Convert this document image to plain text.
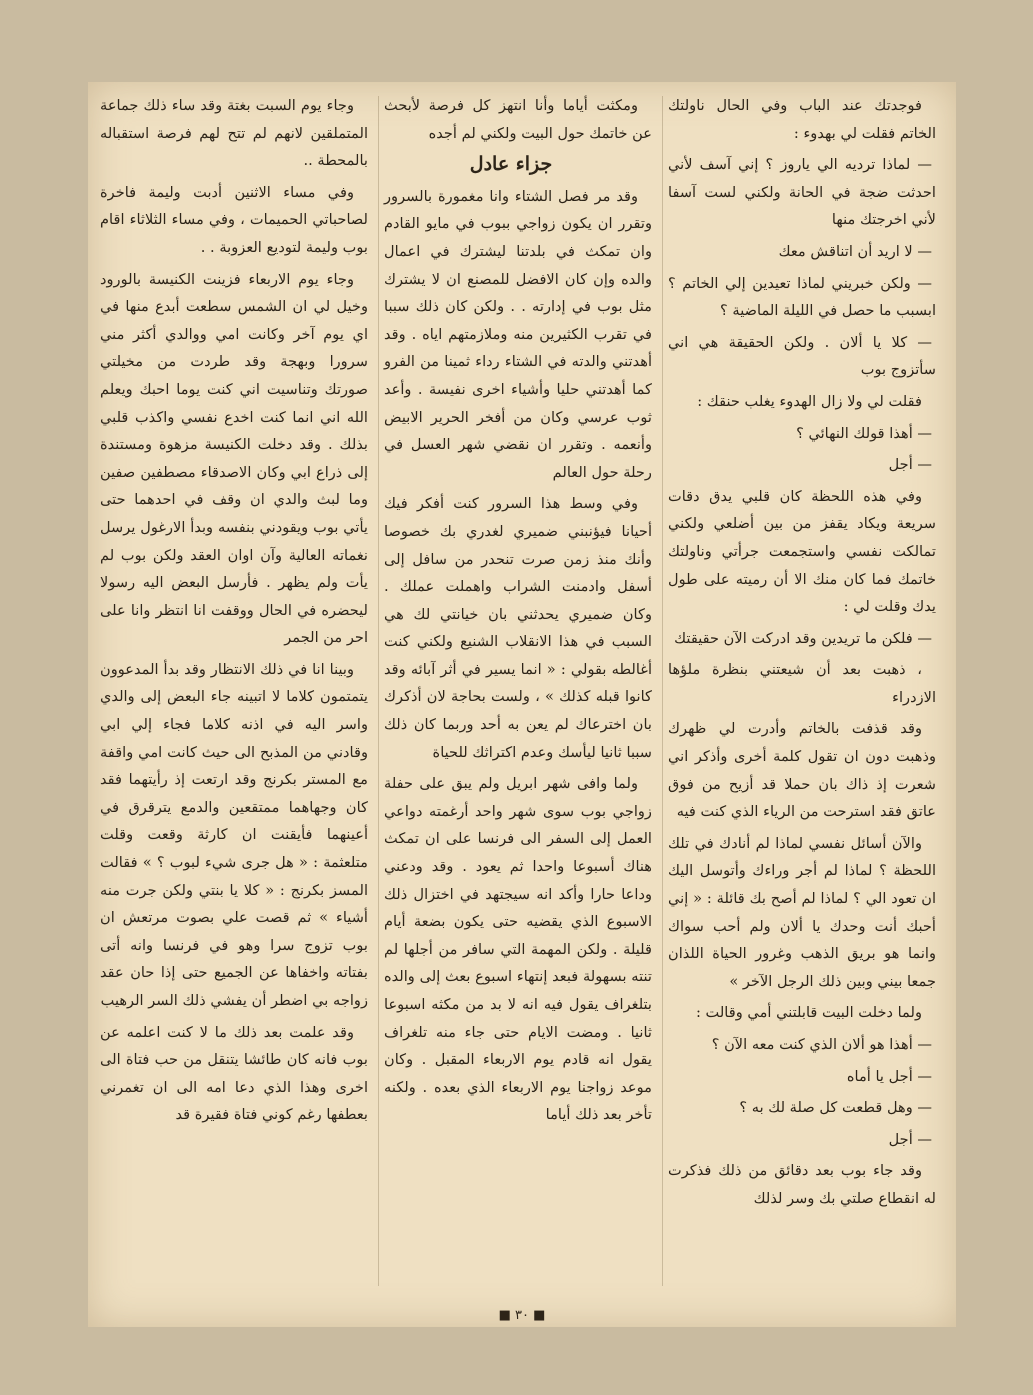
فوجدتك عند الباب وفي الحال ناولتك الخاتم فقلت لي بهدوء :

— لماذا ترديه الي ياروز ؟ إني آسف لأني احدثت ضجة في الحانة ولكني لست آسفا لأني اخرجتك منها

— لا اريد أن اتناقش معك

— ولكن خبريني لماذا تعيدين إلي الخاتم ؟ ابسبب ما حصل في الليلة الماضية ؟

— كلا يا ألان . ولكن الحقيقة هي اني سأتزوج بوب

فقلت لي ولا زال الهدوء يغلب حنقك :

— أهذا قولك النهائي ؟

— أجل

وفي هذه اللحظة كان قلبي يدق دقات سريعة ويكاد يقفز من بين أضلعي ولكني تمالكت نفسي واستجمعت جرأتي وناولتك خاتمك فما كان منك الا أن رميته على طول يدك وقلت لي :

— فلكن ما تريدين وقد ادركت الآن حقيقتك

، ذهبت بعد أن شيعتني بنظرة ملؤها الازدراء

وقد قذفت بالخاتم وأدرت لي ظهرك وذهبت دون ان تقول كلمة أخرى وأذكر اني شعرت إذ ذاك بان حملا قد أزيح من فوق عاتق فقد استرحت من الرياء الذي كنت فيه

والآن أسائل نفسي لماذا لم أنادك في تلك اللحظة ؟ لماذا لم أجر وراءك وأتوسل اليك ان تعود الي ؟ لماذا لم أصح بك قائلة : « إني أحبك أنت وحدك يا ألان ولم أحب سواك وانما هو بريق الذهب وغرور الحياة اللذان جمعا بيني وبين ذلك الرجل الآخر »

ولما دخلت البيت قابلتني أمي وقالت :

— أهذا هو ألان الذي كنت معه الآن ؟

— أجل يا أماه

— وهل قطعت كل صلة لك به ؟

— أجل

وقد جاء بوب بعد دقائق من ذلك فذكرت له انقطاع صلتي بك وسر لذلك

ومكثت أياما وأنا انتهز كل فرصة لأبحث عن خاتمك حول البيت ولكني لم أجده

جزاء عادل

وقد مر فصل الشتاء وانا مغمورة بالسرور وتقرر ان يكون زواجي ببوب في مايو القادم وان تمكث في بلدتنا ليشترك في اعمال والده وإن كان الافضل للمصنع ان لا يشترك مثل بوب في إدارته . . ولكن كان ذلك سببا في تقرب الكثيرين منه وملازمتهم اياه . وقد أهدتني والدته في الشتاء رداء ثمينا من الفرو كما أهدتني حليا وأشياء اخرى نفيسة . وأعد ثوب عرسي وكان من أفخر الحرير الابيض وأنعمه . وتقرر ان نقضي شهر العسل في رحلة حول العالم

وفي وسط هذا السرور كنت أفكر فيك أحيانا فيؤنبني ضميري لغدري بك خصوصا وأنك منذ زمن صرت تنحدر من سافل إلى أسفل وادمنت الشراب واهملت عملك . وكان ضميري يحدثني بان خيانتي لك هي السبب في هذا الانقلاب الشنيع ولكني كنت أغالطه بقولي : « انما يسير في أثر آبائه وقد كانوا قبله كذلك » ، ولست بحاجة لان أذكرك بان اخترعاك لم يعن به أحد وربما كان ذلك سببا ثانيا ليأسك وعدم اكتراثك للحياة

ولما وافى شهر ابريل ولم يبق على حفلة زواجي بوب سوى شهر واحد أرغمته دواعي العمل إلى السفر الى فرنسا على ان تمكث هناك أسبوعا واحدا ثم يعود . وقد ودعني وداعا حارا وأكد انه سيجتهد في اختزال ذلك الاسبوع الذي يقضيه حتى يكون بضعة أيام قليلة . ولكن المهمة التي سافر من أجلها لم تنته بسهولة فبعد إنتهاء اسبوع بعث إلى والده بتلغراف يقول فيه انه لا بد من مكثه اسبوعا ثانيا . ومضت الايام حتى جاء منه تلغراف يقول انه قادم يوم الاربعاء المقبل . وكان موعد زواجنا يوم الاربعاء الذي بعده . ولكنه تأخر بعد ذلك أياما

وجاء يوم السبت بغتة وقد ساء ذلك جماعة المتملقين لانهم لم تتح لهم فرصة استقباله بالمحطة ..

وفي مساء الاثنين أدبت وليمة فاخرة لصاحباتي الحميمات ، وفي مساء الثلاثاء اقام بوب وليمة لتوديع العزوبة . .

وجاء يوم الاربعاء فزينت الكنيسة بالورود وخيل لي ان الشمس سطعت أبدع منها في اي يوم آخر وكانت امي ووالدي أكثر مني سرورا وبهجة وقد طردت من مخيلتي صورتك وتناسيت اني كنت يوما احبك ويعلم الله اني انما كنت اخدع نفسي واكذب قلبي بذلك . وقد دخلت الكنيسة مزهوة ومستندة إلى ذراع ابي وكان الاصدقاء مصطفين صفين وما لبث والدي ان وقف في احدهما حتى يأتي بوب ويقودني بنفسه وبدأ الارغول يرسل نغماته العالية وآن اوان العقد ولكن بوب لم يأت ولم يظهر . فأرسل البعض اليه رسولا ليحضره في الحال ووقفت انا انتظر وانا على احر من الجمر

وبينا انا في ذلك الانتظار وقد بدأ المدعوون يتمتمون كلاما لا اتبينه جاء البعض إلى والدي واسر اليه في اذنه كلاما فجاء إلي ابي وقادني من المذبح الى حيث كانت امي واقفة مع المستر بكرنج وقد ارتعت إذ رأيتهما فقد كان وجهاهما ممتقعين والدمع يترقرق في أعينهما فأيقنت ان كارثة وقعت وقلت متلعثمة : « هل جرى شيء لبوب ؟ » فقالت المسز بكرنج : « كلا يا بنتي ولكن جرت منه أشياء » ثم قصت علي بصوت مرتعش ان بوب تزوج سرا وهو في فرنسا وانه أتى بفتاته واخفاها عن الجميع حتى إذا حان عقد زواجه بي اضطر أن يفشي ذلك السر الرهيب

وقد علمت بعد ذلك ما لا كنت اعلمه عن بوب فانه كان طائشا يتنقل من حب فتاة الى اخرى وهذا الذي دعا امه الى ان تغمرني بعطفها رغم كوني فتاة فقيرة قد

■ ٣٠ ■
